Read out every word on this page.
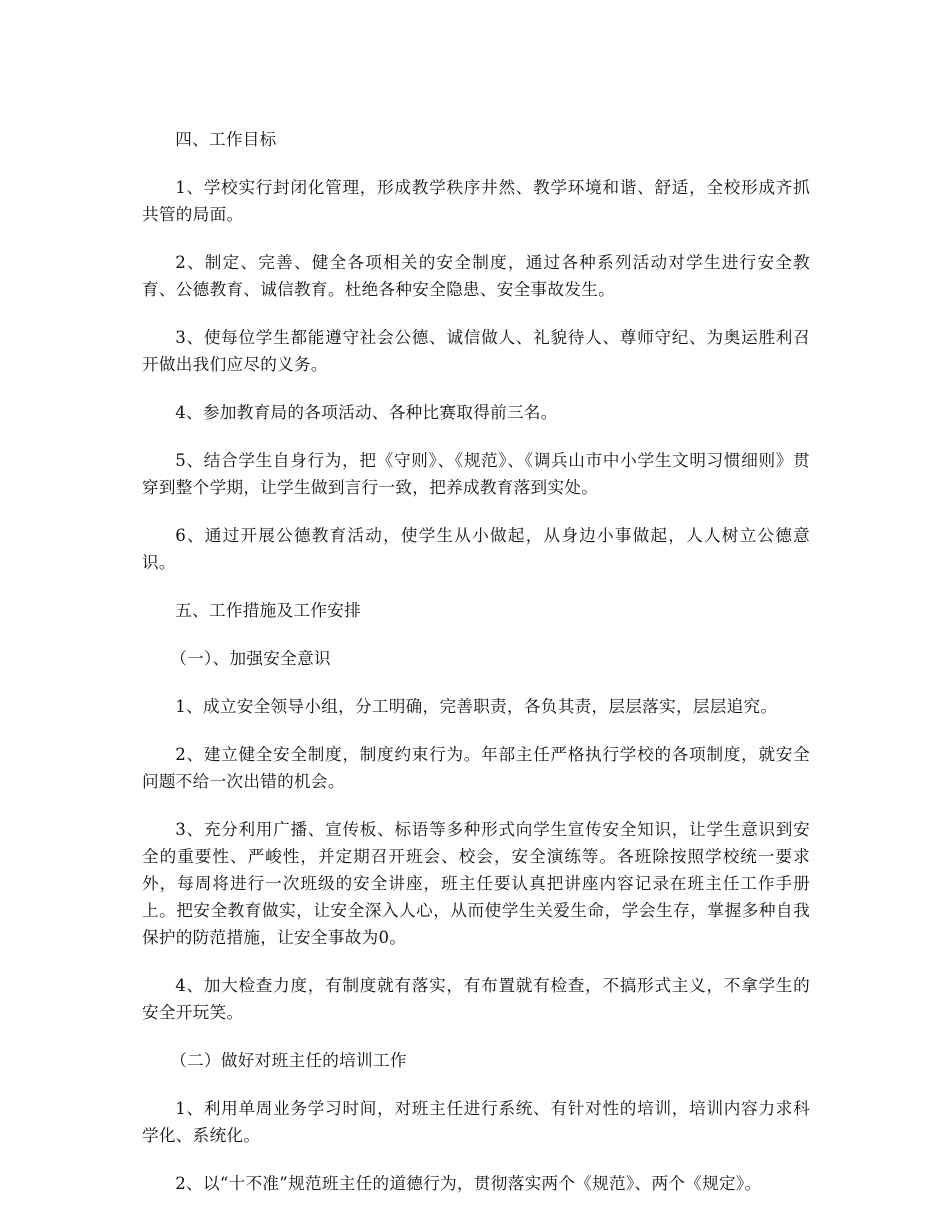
四、工作目标

1、学校实行封闭化管理，形成教学秩序井然、教学环境和谐、舒适，全校形成齐抓共管的局面。

2、制定、完善、健全各项相关的安全制度，通过各种系列活动对学生进行安全教育、公德教育、诚信教育。杜绝各种安全隐患、安全事故发生。

3、使每位学生都能遵守社会公德、诚信做人、礼貌待人、尊师守纪、为奥运胜利召开做出我们应尽的义务。

4、参加教育局的各项活动、各种比赛取得前三名。

5、结合学生自身行为，把《守则》、《规范》、《调兵山市中小学生文明习惯细则》贯穿到整个学期，让学生做到言行一致，把养成教育落到实处。

6、通过开展公德教育活动，使学生从小做起，从身边小事做起，人人树立公德意识。

五、工作措施及工作安排

（一）、加强安全意识

1、成立安全领导小组，分工明确，完善职责，各负其责，层层落实，层层追究。

2、建立健全安全制度，制度约束行为。年部主任严格执行学校的各项制度，就安全问题不给一次出错的机会。

3、充分利用广播、宣传板、标语等多种形式向学生宣传安全知识，让学生意识到安全的重要性、严峻性，并定期召开班会、校会，安全演练等。各班除按照学校统一要求外，每周将进行一次班级的安全讲座，班主任要认真把讲座内容记录在班主任工作手册上。把安全教育做实，让安全深入人心，从而使学生关爱生命，学会生存，掌握多种自我保护的防范措施，让安全事故为0。

4、加大检查力度，有制度就有落实，有布置就有检查，不搞形式主义，不拿学生的安全开玩笑。

（二）做好对班主任的培训工作

1、利用单周业务学习时间，对班主任进行系统、有针对性的培训，培训内容力求科学化、系统化。

2、以“十不准”规范班主任的道德行为，贯彻落实两个《规范》、两个《规定》。
